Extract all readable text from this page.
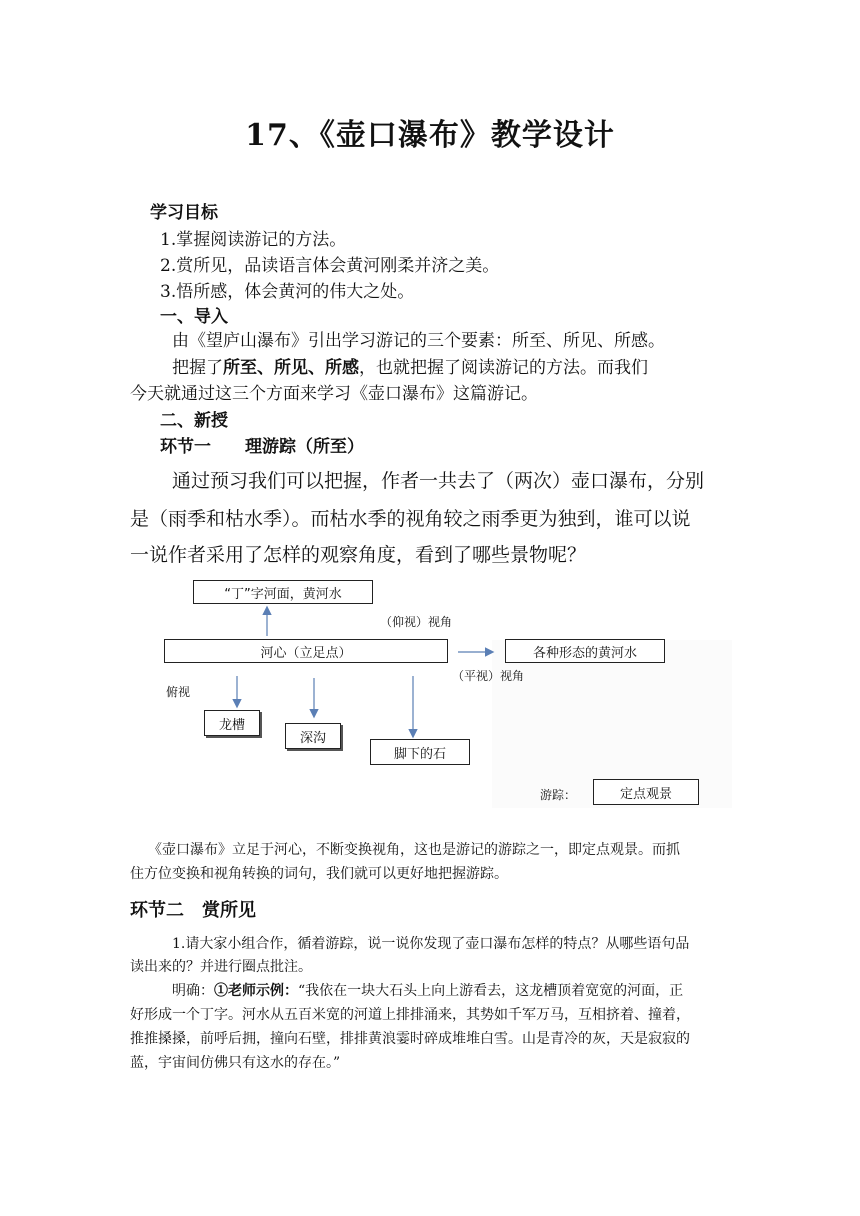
17、《壶口瀑布》教学设计
学习目标
1.掌握阅读游记的方法。
2.赏所见，品读语言体会黄河刚柔并济之美。
3.悟所感，体会黄河的伟大之处。
一、导入
由《望庐山瀑布》引出学习游记的三个要素：所至、所见、所感。
把握了所至、所见、所感，也就把握了阅读游记的方法。而我们
今天就通过这三个方面来学习《壶口瀑布》这篇游记。
二、新授
环节一　　理游踪（所至）
通过预习我们可以把握，作者一共去了（两次）壶口瀑布，分别
是（雨季和枯水季）。而枯水季的视角较之雨季更为独到，谁可以说
一说作者采用了怎样的观察角度，看到了哪些景物呢？
“丁”字河面，黄河水
（仰视）视角
河心（立足点）	各种形态的黄河水
（平视）视角
俯视
龙槽
深沟
脚下的石
游踪：	定点观景
《壶口瀑布》立足于河心，不断变换视角，这也是游记的游踪之一，即定点观景。而抓
住方位变换和视角转换的词句，我们就可以更好地把握游踪。
环节二　赏所见
1.请大家小组合作，循着游踪，说一说你发现了壶口瀑布怎样的特点？从哪些语句品
读出来的？并进行圈点批注。
明确：①老师示例：“我依在一块大石头上向上游看去，这龙槽顶着宽宽的河面，正
好形成一个丁字。河水从五百米宽的河道上排排涌来，其势如千军万马，互相挤着、撞着，
推推搡搡，前呼后拥，撞向石壁，排排黄浪霎时碎成堆堆白雪。山是青冷的灰，天是寂寂的
蓝，宇宙间仿佛只有这水的存在。”
